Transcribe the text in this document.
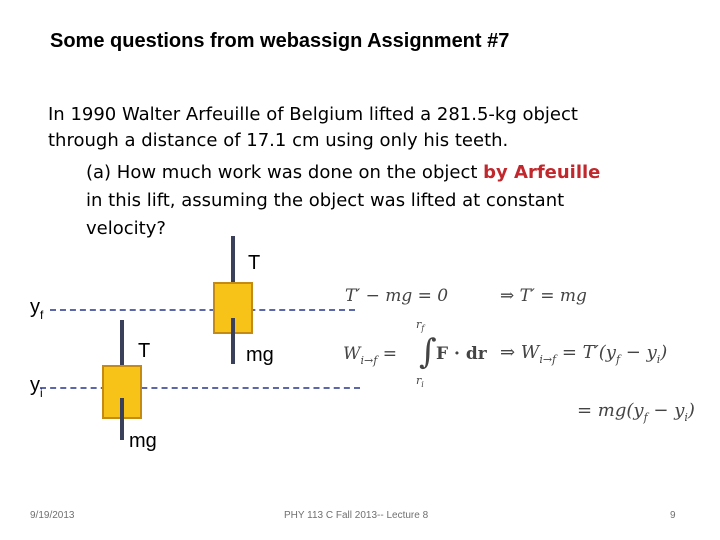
Some questions from webassign Assignment #7
In 1990 Walter Arfeuille of Belgium lifted a 281.5-kg object
through a distance of 17.1 cm using only his teeth.
(a) How much work was done on the object by Arfeuille
in this lift, assuming the object was lifted at constant
velocity?
T
T	mg
mg
$y_f$
$y_i$
T′ − mg = 0	⇒ T′ = mg
$W_{i\to f}$ = ∫
$r_f$
$r_i$
F · dr ⇒ $W_{i\to f} = T'(y_f - y_i)$
= $mg(y_f - y_i)$
9/19/2013	PHY 113 C Fall 2013-- Lecture 8	9
